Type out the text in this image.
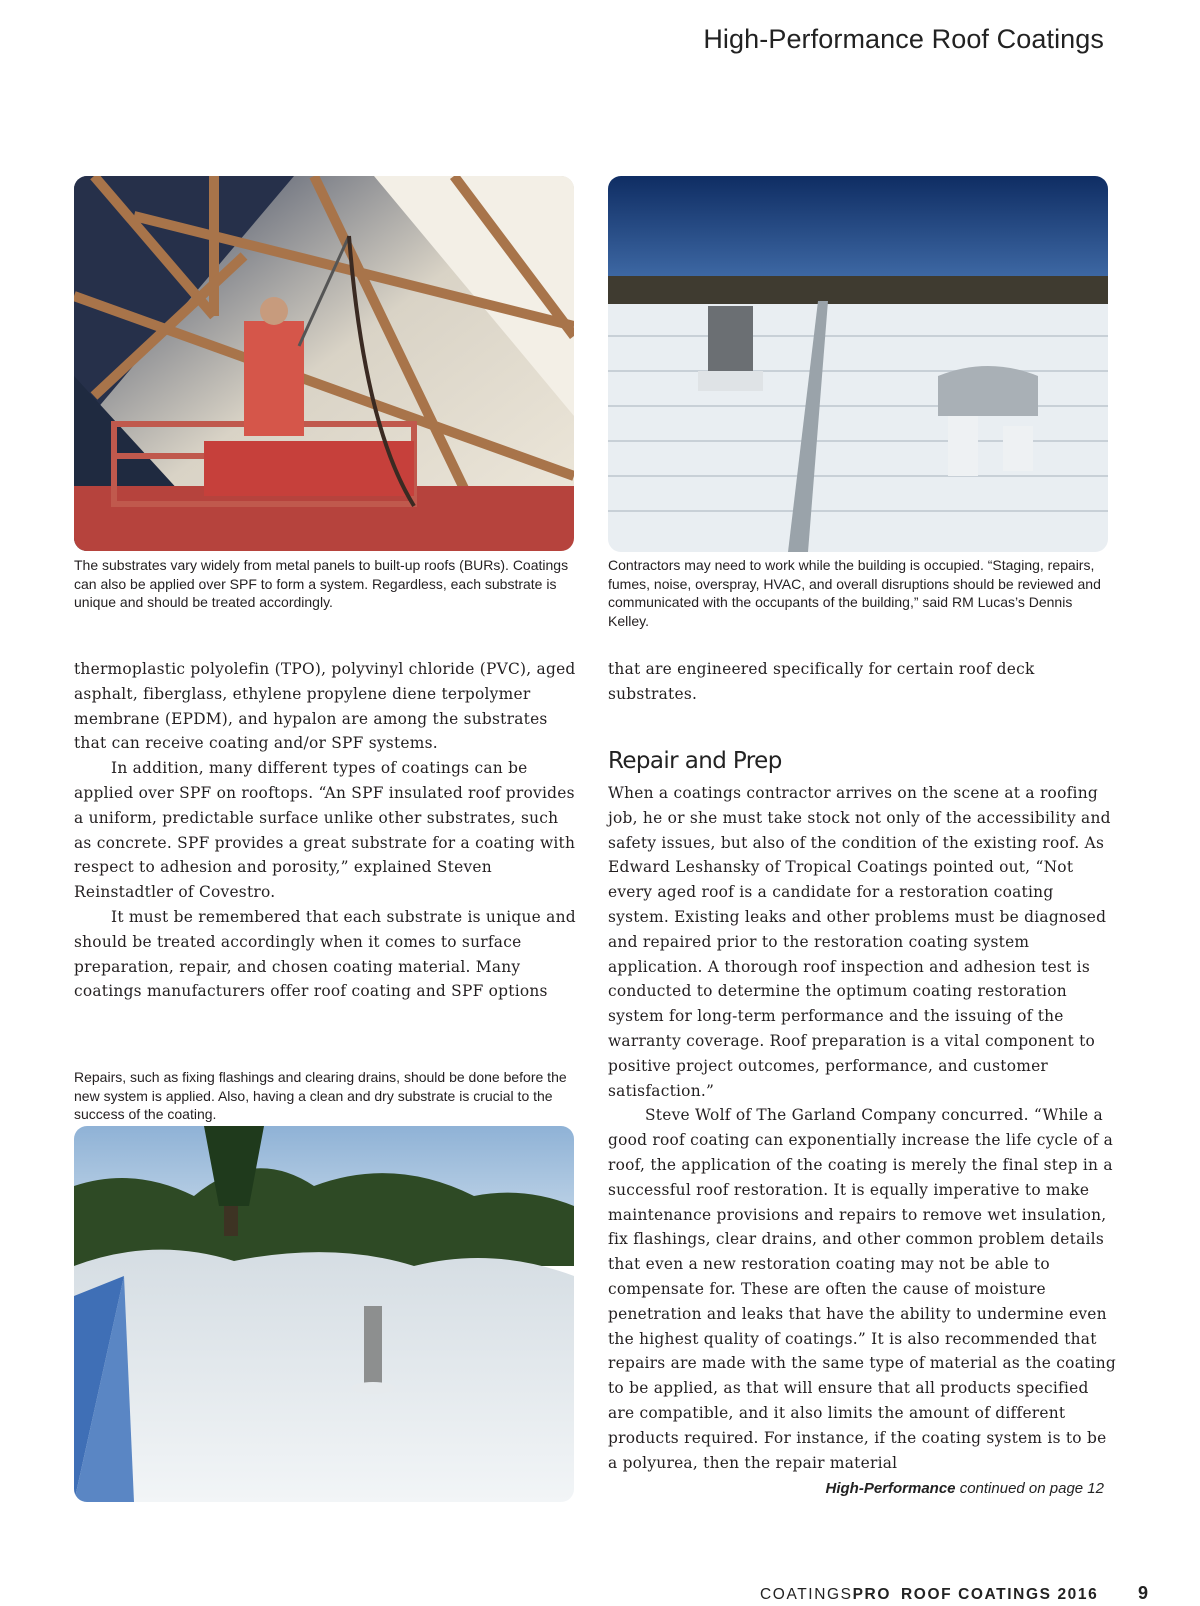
High-Performance Roof Coatings
The substrates vary widely from metal panels to built-up roofs (BURs). Coatings can also be applied over SPF to form a system. Regardless, each substrate is unique and should be treated accordingly.
Contractors may need to work while the building is occupied. “Staging, repairs, fumes, noise, overspray, HVAC, and overall disruptions should be reviewed and communicated with the occupants of the building,” said RM Lucas’s Dennis Kelley.

thermoplastic polyolefin (TPO), polyvinyl chloride (PVC), aged asphalt, fiberglass, ethylene propylene diene terpolymer membrane (EPDM), and hypalon are among the substrates that can receive coating and/or SPF systems.

In addition, many different types of coatings can be applied over SPF on rooftops. “An SPF insulated roof provides a uniform, predictable surface unlike other substrates, such as concrete. SPF provides a great substrate for a coating with respect to adhesion and porosity,” explained Steven Reinstadtler of Covestro.

It must be remembered that each substrate is unique and should be treated accordingly when it comes to surface preparation, repair, and chosen coating material. Many coatings manufacturers offer roof coating and SPF options

Repairs, such as fixing flashings and clearing drains, should be done before the new system is applied. Also, having a clean and dry substrate is crucial to the success of the coating.
that are engineered specifically for certain roof deck substrates.
Repair and Prep

When a coatings contractor arrives on the scene at a roofing job, he or she must take stock not only of the accessibility and safety issues, but also of the condition of the existing roof. As Edward Leshansky of Tropical Coatings pointed out, “Not every aged roof is a candidate for a restoration coating system. Existing leaks and other problems must be diagnosed and repaired prior to the restoration coating system application. A thorough roof inspection and adhesion test is conducted to determine the optimum coating restoration system for long-term performance and the issuing of the warranty coverage. Roof preparation is a vital component to positive project outcomes, performance, and customer satisfaction.”

Steve Wolf of The Garland Company concurred. “While a good roof coating can exponentially increase the life cycle of a roof, the application of the coating is merely the final step in a successful roof restoration. It is equally imperative to make maintenance provisions and repairs to remove wet insulation, fix flashings, clear drains, and other common problem details that even a new restoration coating may not be able to compensate for. These are often the cause of moisture penetration and leaks that have the ability to undermine even the highest quality of coatings.” It is also recommended that repairs are made with the same type of material as the coating to be applied, as that will ensure that all products specified are compatible, and it also limits the amount of different products required. For instance, if the coating system is to be a polyurea, then the repair material

High-Performance continued on page 12
COATINGSPRO ROOF COATINGS 2016 9
